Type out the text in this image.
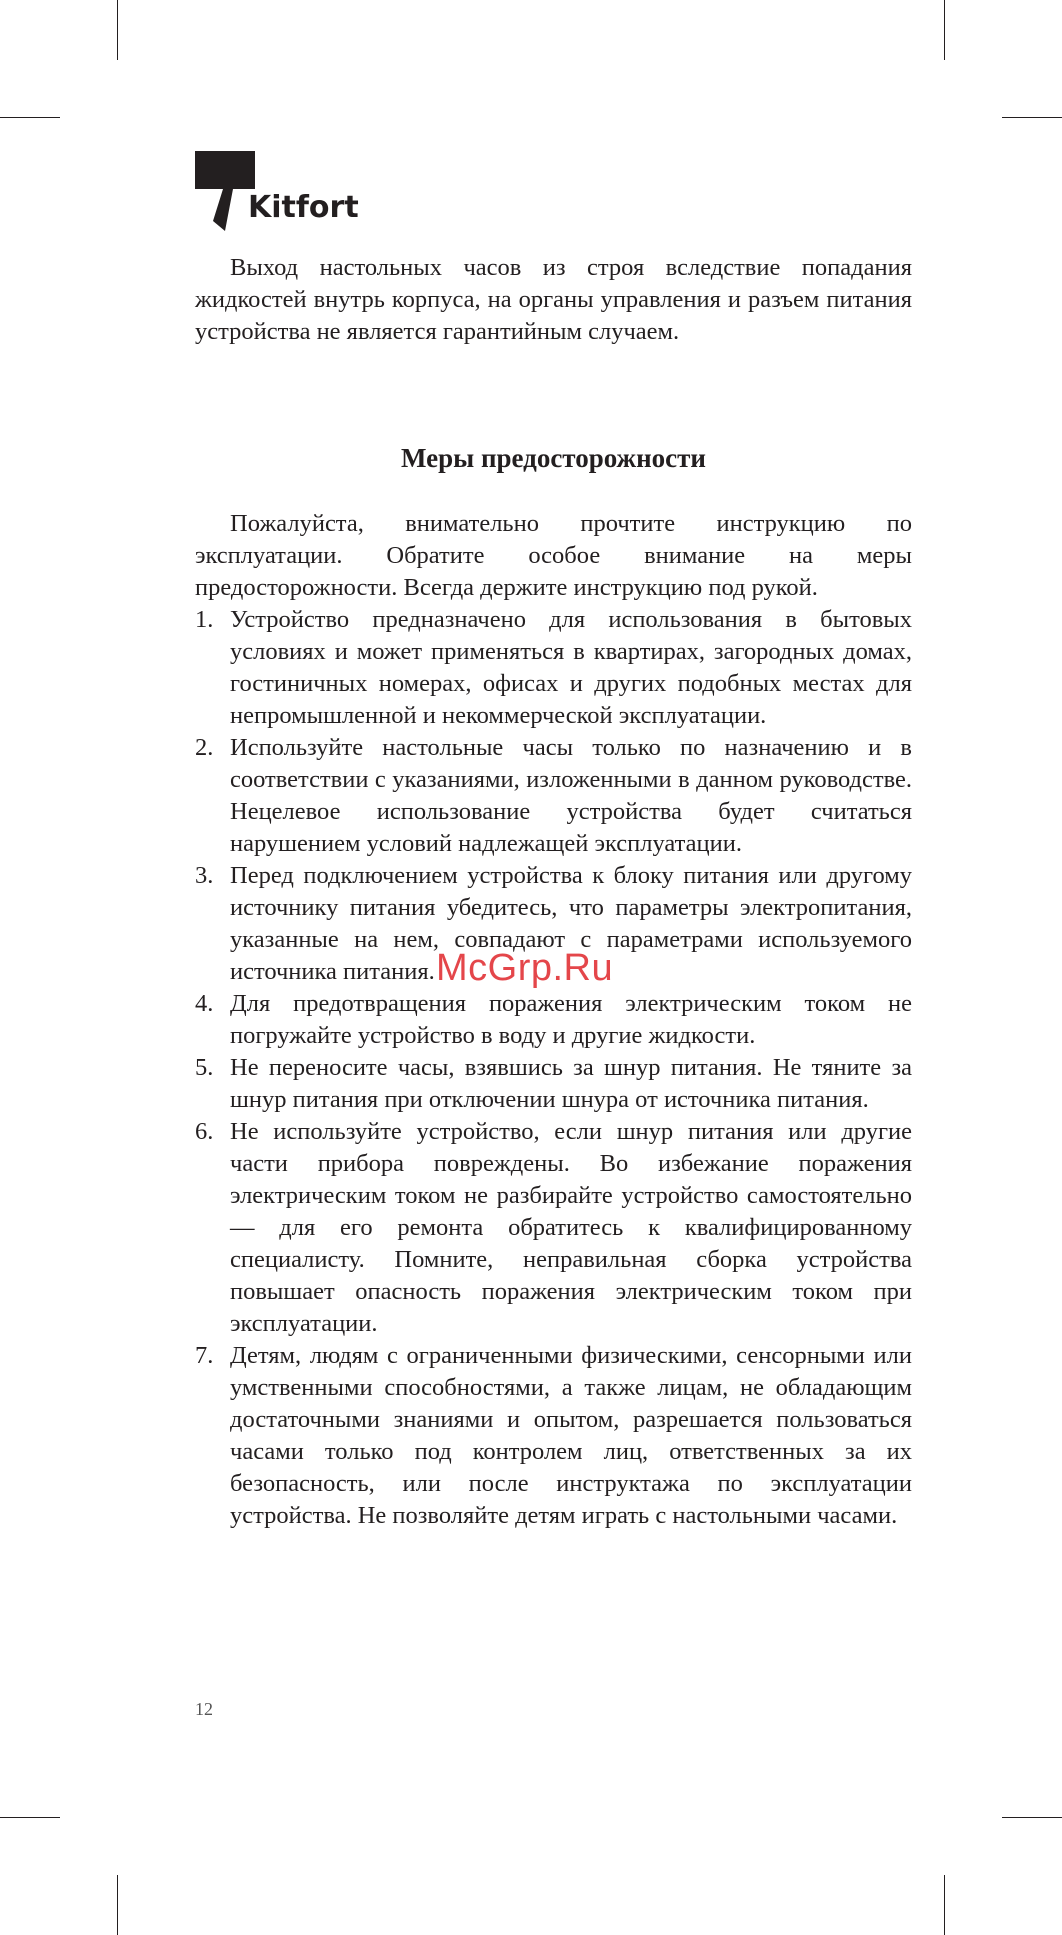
Kitfort

Выход настольных часов из строя вследствие попадания жидкостей внутрь корпуса, на органы управления и разъем питания устройства не является гарантийным случаем.

Меры предосторожности

Пожалуйста, внимательно прочтите инструкцию по эксплуатации. Обратите особое внимание на меры предосторожности. Всегда держите инструкцию под рукой.

1. Устройство предназначено для использования в бытовых условиях и может применяться в квартирах, загородных домах, гостиничных номерах, офисах и других подобных местах для непромышленной и некоммерческой эксплуатации.
2. Используйте настольные часы только по назначению и в соответствии с указаниями, изложенными в данном руководстве. Нецелевое использование устройства будет считаться нарушением условий надлежащей эксплуатации.
3. Перед подключением устройства к блоку питания или другому источнику питания убедитесь, что параметры электропитания, указанные на нем, совпадают с параметрами используемого источника питания.
4. Для предотвращения поражения электрическим током не погружайте устройство в воду и другие жидкости.
5. Не переносите часы, взявшись за шнур питания. Не тяните за шнур питания при отключении шнура от источника питания.
6. Не используйте устройство, если шнур питания или другие части прибора повреждены. Во избежание поражения электрическим током не разбирайте устройство самостоятельно — для его ремонта обратитесь к квалифицированному специалисту. Помните, неправильная сборка устройства повышает опасность поражения электрическим током при эксплуатации.
7. Детям, людям с ограниченными физическими, сенсорными или умственными способностями, а также лицам, не обладающим достаточными знаниями и опытом, разрешается пользоваться часами только под контролем лиц, ответственных за их безопасность, или после инструктажа по эксплуатации устройства. Не позволяйте детям играть с настольными часами.
McGrp.Ru
12
